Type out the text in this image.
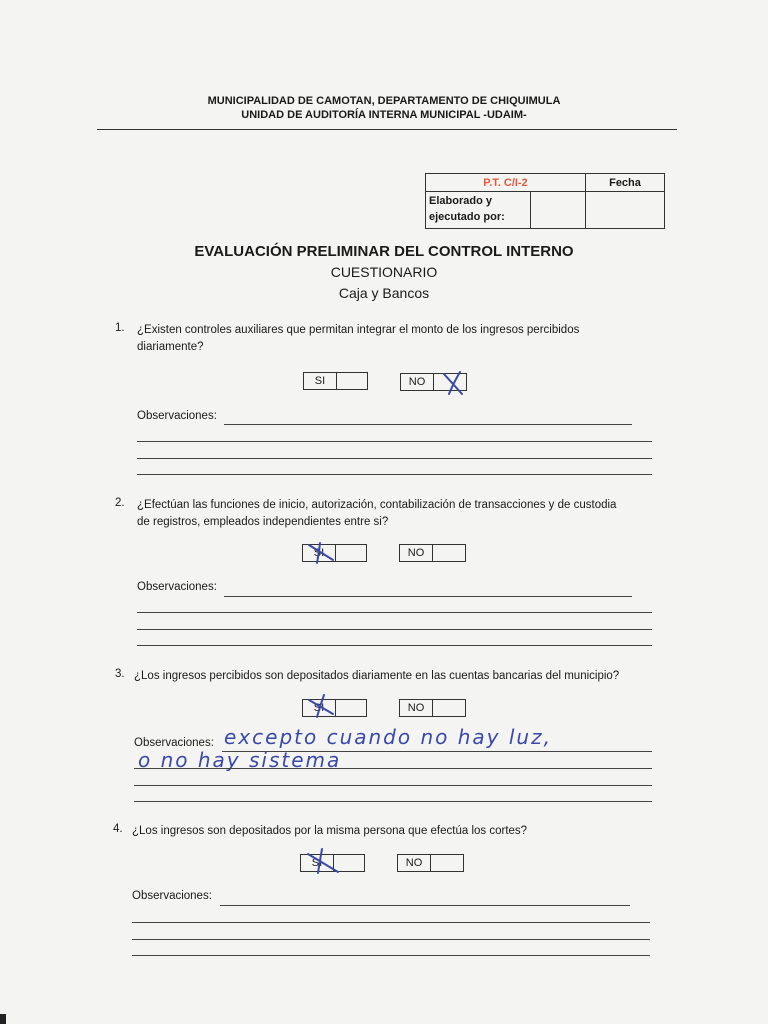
MUNICIPALIDAD DE CAMOTAN, DEPARTAMENTO DE CHIQUIMULA
UNIDAD DE AUDITORÍA INTERNA MUNICIPAL -UDAIM-
P.T. C/I-2	Fecha
Elaborado y
ejecutado por:
EVALUACIÓN PRELIMINAR DEL CONTROL INTERNO
CUESTIONARIO
Caja y Bancos
1. ¿Existen controles auxiliares que permitan integrar el monto de los ingresos percibidos
diariamente?
SI	NO
Observaciones:
2. ¿Efectúan las funciones de inicio, autorización, contabilización de transacciones y de custodia
de registros, empleados independientes entre si?
SI	NO
Observaciones:
3. ¿Los ingresos percibidos son depositados diariamente en las cuentas bancarias del municipio?
SI	NO
Observaciones: excepto cuando no hay luz,
o no hay sistema
4. ¿Los ingresos son depositados por la misma persona que efectúa los cortes?
SI	NO
Observaciones:
